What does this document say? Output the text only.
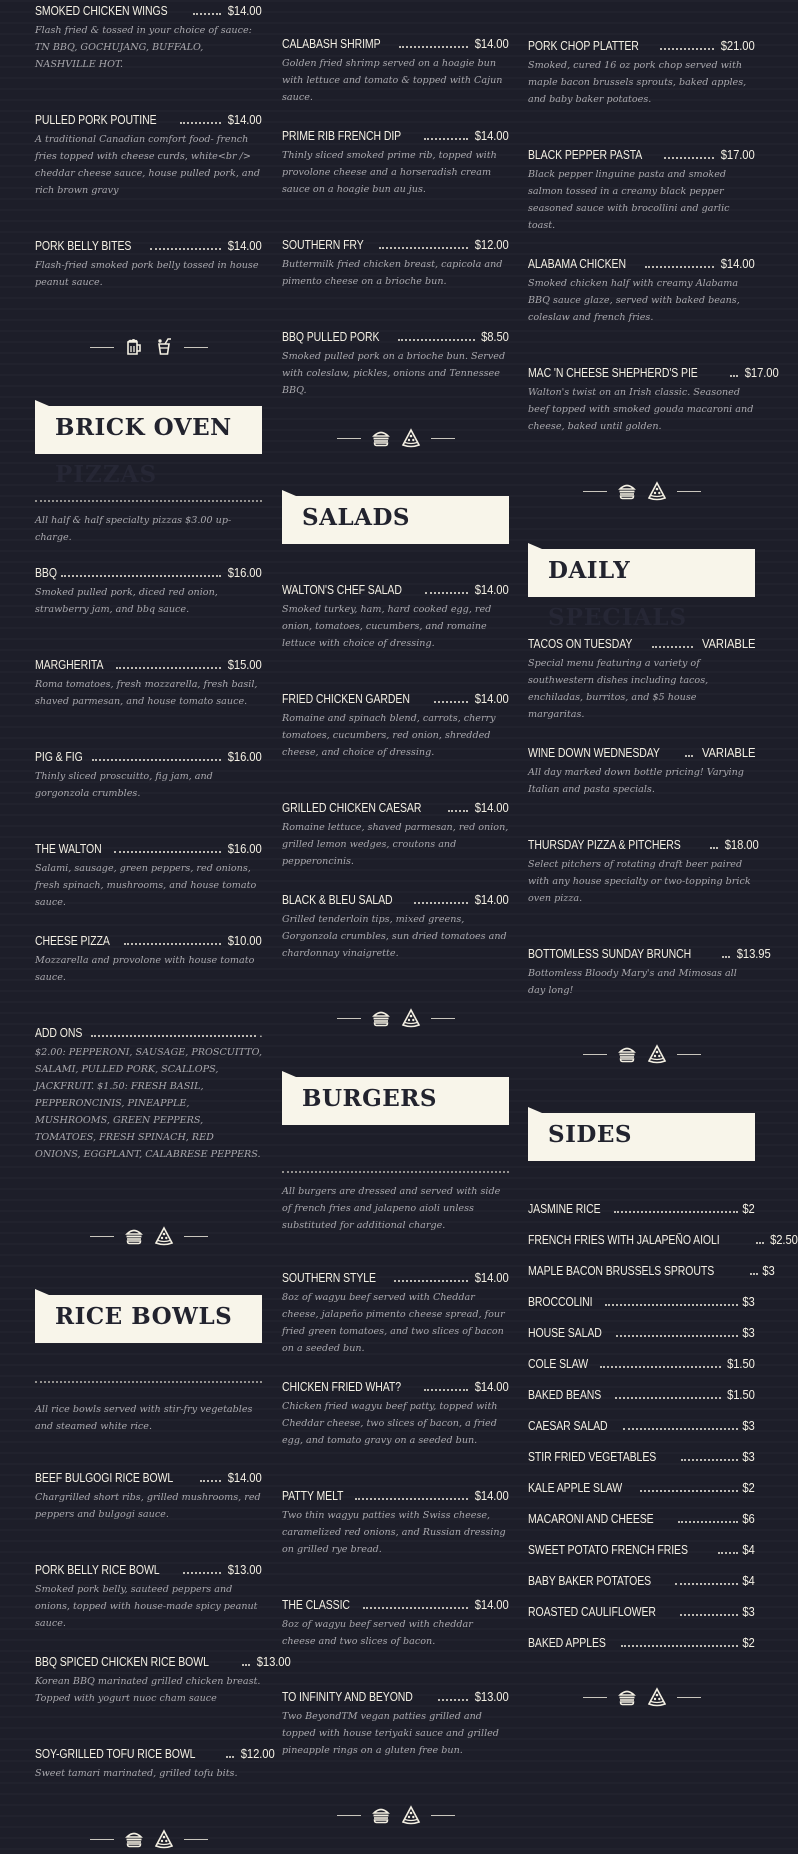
SMOKED CHICKEN WINGS	$14.00
Flash fried & tossed in your choice of sauce: TN BBQ, GOCHUJANG, BUFFALO, NASHVILLE HOT.
PULLED PORK POUTINE	$14.00
A traditional Canadian comfort food- french fries topped with cheese curds, white<br /> cheddar cheese sauce, house pulled pork, and rich brown gravy
PORK BELLY BITES	$14.00
Flash-fried smoked pork belly tossed in house peanut sauce.
BBQ	$16.00
Smoked pulled pork, diced red onion, strawberry jam, and bbq sauce.
MARGHERITA	$15.00
Roma tomatoes, fresh mozzarella, fresh basil, shaved parmesan, and house tomato sauce.
PIG & FIG	$16.00
Thinly sliced proscuitto, fig jam, and gorgonzola crumbles.
THE WALTON	$16.00
Salami, sausage, green peppers, red onions, fresh spinach, mushrooms, and house tomato sauce.
CHEESE PIZZA	$10.00
Mozzarella and provolone with house tomato sauce.
ADD ONS	.
$2.00: PEPPERONI, SAUSAGE, PROSCUITTO, SALAMI, PULLED PORK, SCALLOPS, JACKFRUIT. $1.50: FRESH BASIL, PEPPERONCINIS, PINEAPPLE, MUSHROOMS, GREEN PEPPERS, TOMATOES, FRESH SPINACH, RED ONIONS, EGGPLANT, CALABRESE PEPPERS.
BEEF BULGOGI RICE BOWL	$14.00
Chargrilled short ribs, grilled mushrooms, red peppers and bulgogi sauce.
PORK BELLY RICE BOWL	$13.00
Smoked pork belly, sauteed peppers and onions, topped with house-made spicy peanut sauce.
BBQ SPICED CHICKEN RICE BOWL	$13.00
Korean BBQ marinated grilled chicken breast. Topped with yogurt nuoc cham sauce
SOY-GRILLED TOFU RICE BOWL	$12.00
Sweet tamari marinated, grilled tofu bits.
BRICK OVEN
PIZZAS
RICE BOWLS
All half & half specialty pizzas $3.00 up-charge.
All rice bowls served with stir-fry vegetables and steamed white rice.
CALABASH SHRIMP	$14.00
Golden fried shrimp served on a hoagie bun with lettuce and tomato & topped with Cajun sauce.
PRIME RIB FRENCH DIP	$14.00
Thinly sliced smoked prime rib, topped with provolone cheese and a horseradish cream sauce on a hoagie bun au jus.
SOUTHERN FRY	$12.00
Buttermilk fried chicken breast, capicola and pimento cheese on a brioche bun.
BBQ PULLED PORK	$8.50
Smoked pulled pork on a brioche bun. Served with coleslaw, pickles, onions and Tennessee BBQ.
WALTON'S CHEF SALAD	$14.00
Smoked turkey, ham, hard cooked egg, red onion, tomatoes, cucumbers, and romaine lettuce with choice of dressing.
FRIED CHICKEN GARDEN	$14.00
Romaine and spinach blend, carrots, cherry tomatoes, cucumbers, red onion, shredded cheese, and choice of dressing.
GRILLED CHICKEN CAESAR	$14.00
Romaine lettuce, shaved parmesan, red onion, grilled lemon wedges, croutons and pepperoncinis.
BLACK & BLEU SALAD	$14.00
Grilled tenderloin tips, mixed greens, Gorgonzola crumbles, sun dried tomatoes and chardonnay vinaigrette.
SOUTHERN STYLE	$14.00
8oz of wagyu beef served with Cheddar cheese, jalapeño pimento cheese spread, four fried green tomatoes, and two slices of bacon on a seeded bun.
CHICKEN FRIED WHAT?	$14.00
Chicken fried wagyu beef patty, topped with Cheddar cheese, two slices of bacon, a fried egg, and tomato gravy on a seeded bun.
PATTY MELT	$14.00
Two thin wagyu patties with Swiss cheese, caramelized red onions, and Russian dressing on grilled rye bread.
THE CLASSIC	$14.00
8oz of wagyu beef served with cheddar cheese and two slices of bacon.
TO INFINITY AND BEYOND	$13.00
Two BeyondTM vegan patties grilled and topped with house teriyaki sauce and grilled pineapple rings on a gluten free bun.
SALADS
BURGERS
All burgers are dressed and served with side of french fries and jalapeno aioli unless substituted for additional charge.
PORK CHOP PLATTER	$21.00
Smoked, cured 16 oz pork chop served with maple bacon brussels sprouts, baked apples, and baby baker potatoes.
BLACK PEPPER PASTA	$17.00
Black pepper linguine pasta and smoked salmon tossed in a creamy black pepper seasoned sauce with brocollini and garlic toast.
ALABAMA CHICKEN	$14.00
Smoked chicken half with creamy Alabama BBQ sauce glaze, served with baked beans, coleslaw and french fries.
MAC 'N CHEESE SHEPHERD'S PIE	$17.00
Walton's twist on an Irish classic. Seasoned beef topped with smoked gouda macaroni and cheese, baked until golden.
TACOS ON TUESDAY	VARIABLE
Special menu featuring a variety of southwestern dishes including tacos, enchiladas, burritos, and $5 house margaritas.
WINE DOWN WEDNESDAY	VARIABLE
All day marked down bottle pricing! Varying Italian and pasta specials.
THURSDAY PIZZA & PITCHERS	$18.00
Select pitchers of rotating draft beer paired with any house specialty or two-topping brick oven pizza.
BOTTOMLESS SUNDAY BRUNCH	$13.95
Bottomless Bloody Mary's and Mimosas all day long!
JASMINE RICE	$2
FRENCH FRIES WITH JALAPEÑO AIOLI	$2.50
MAPLE BACON BRUSSELS SPROUTS	$3
BROCCOLINI	$3
HOUSE SALAD	$3
COLE SLAW	$1.50
BAKED BEANS	$1.50
CAESAR SALAD	$3
STIR FRIED VEGETABLES	$3
KALE APPLE SLAW	$2
MACARONI AND CHEESE	$6
SWEET POTATO FRENCH FRIES	$4
BABY BAKER POTATOES	$4
ROASTED CAULIFLOWER	$3
BAKED APPLES	$2
DAILY
SPECIALS
SIDES
